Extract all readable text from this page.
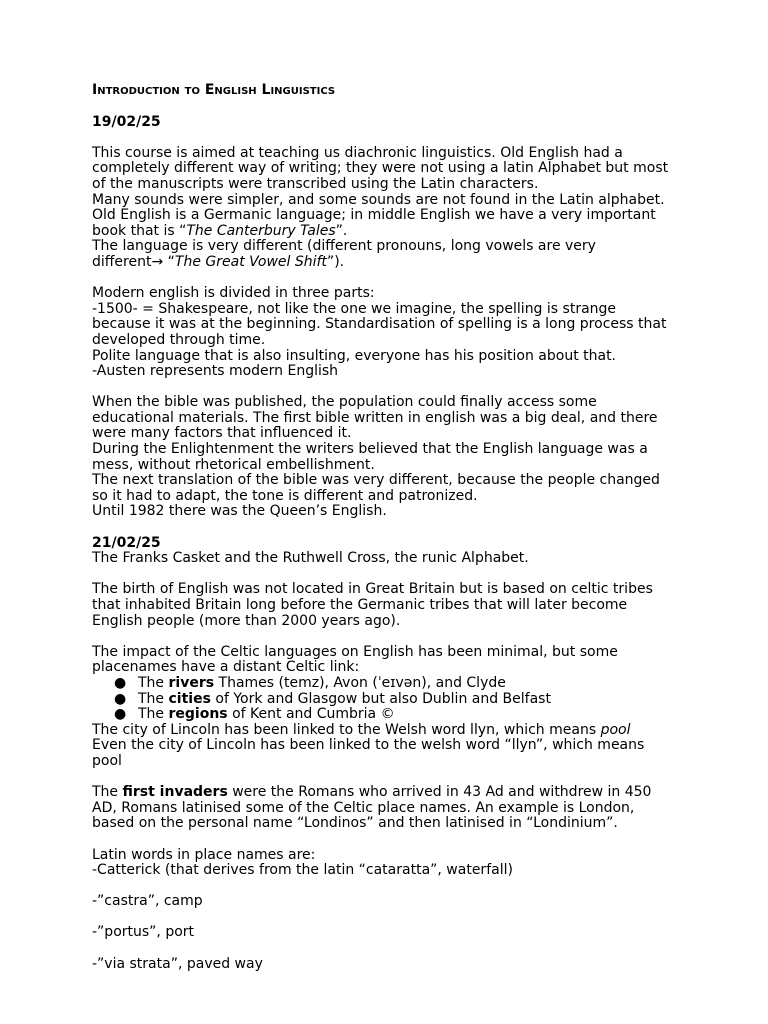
Introduction to English Linguistics

19/02/25

This course is aimed at teaching us diachronic linguistics. Old English had a

completely different way of writing; they were not using a latin Alphabet but most

of the manuscripts were transcribed using the Latin characters.

Many sounds were simpler, and some sounds are not found in the Latin alphabet.

Old English is a Germanic language; in middle English we have a very important

book that is “The Canterbury Tales”.

The language is very different (different pronouns, long vowels are very

different→ “The Great Vowel Shift”).

Modern english is divided in three parts:

-1500- = Shakespeare, not like the one we imagine, the spelling is strange

because it was at the beginning. Standardisation of spelling is a long process that

developed through time.

Polite language that is also insulting, everyone has his position about that.

-Austen represents modern English

When the bible was published, the population could finally access some

educational materials. The first bible written in english was a big deal, and there

were many factors that influenced it.

During the Enlightenment the writers believed that the English language was a

mess, without rhetorical embellishment.

The next translation of the bible was very different, because the people changed

so it had to adapt, the tone is different and patronized.

Until 1982 there was the Queen’s English.

21/02/25

The Franks Casket and the Ruthwell Cross, the runic Alphabet.

The birth of English was not located in Great Britain but is based on celtic tribes

that inhabited Britain long before the Germanic tribes that will later become

English people (more than 2000 years ago).

The impact of the Celtic languages on English has been minimal, but some

placenames have a distant Celtic link:

● The rivers Thames (temz), Avon (ˈeɪvən), and Clyde
● The cities of York and Glasgow but also Dublin and Belfast
● The regions of Kent and Cumbria ©

The city of Lincoln has been linked to the Welsh word llyn, which means pool

Even the city of Lincoln has been linked to the welsh word “llyn”, which means

pool

The first invaders were the Romans who arrived in 43 Ad and withdrew in 450

AD, Romans latinised some of the Celtic place names. An example is London,

based on the personal name “Londinos” and then latinised in “Londinium”.

Latin words in place names are:

-Catterick (that derives from the latin “cataratta”, waterfall)

-”castra”, camp

-”portus”, port

-”via strata”, paved way
